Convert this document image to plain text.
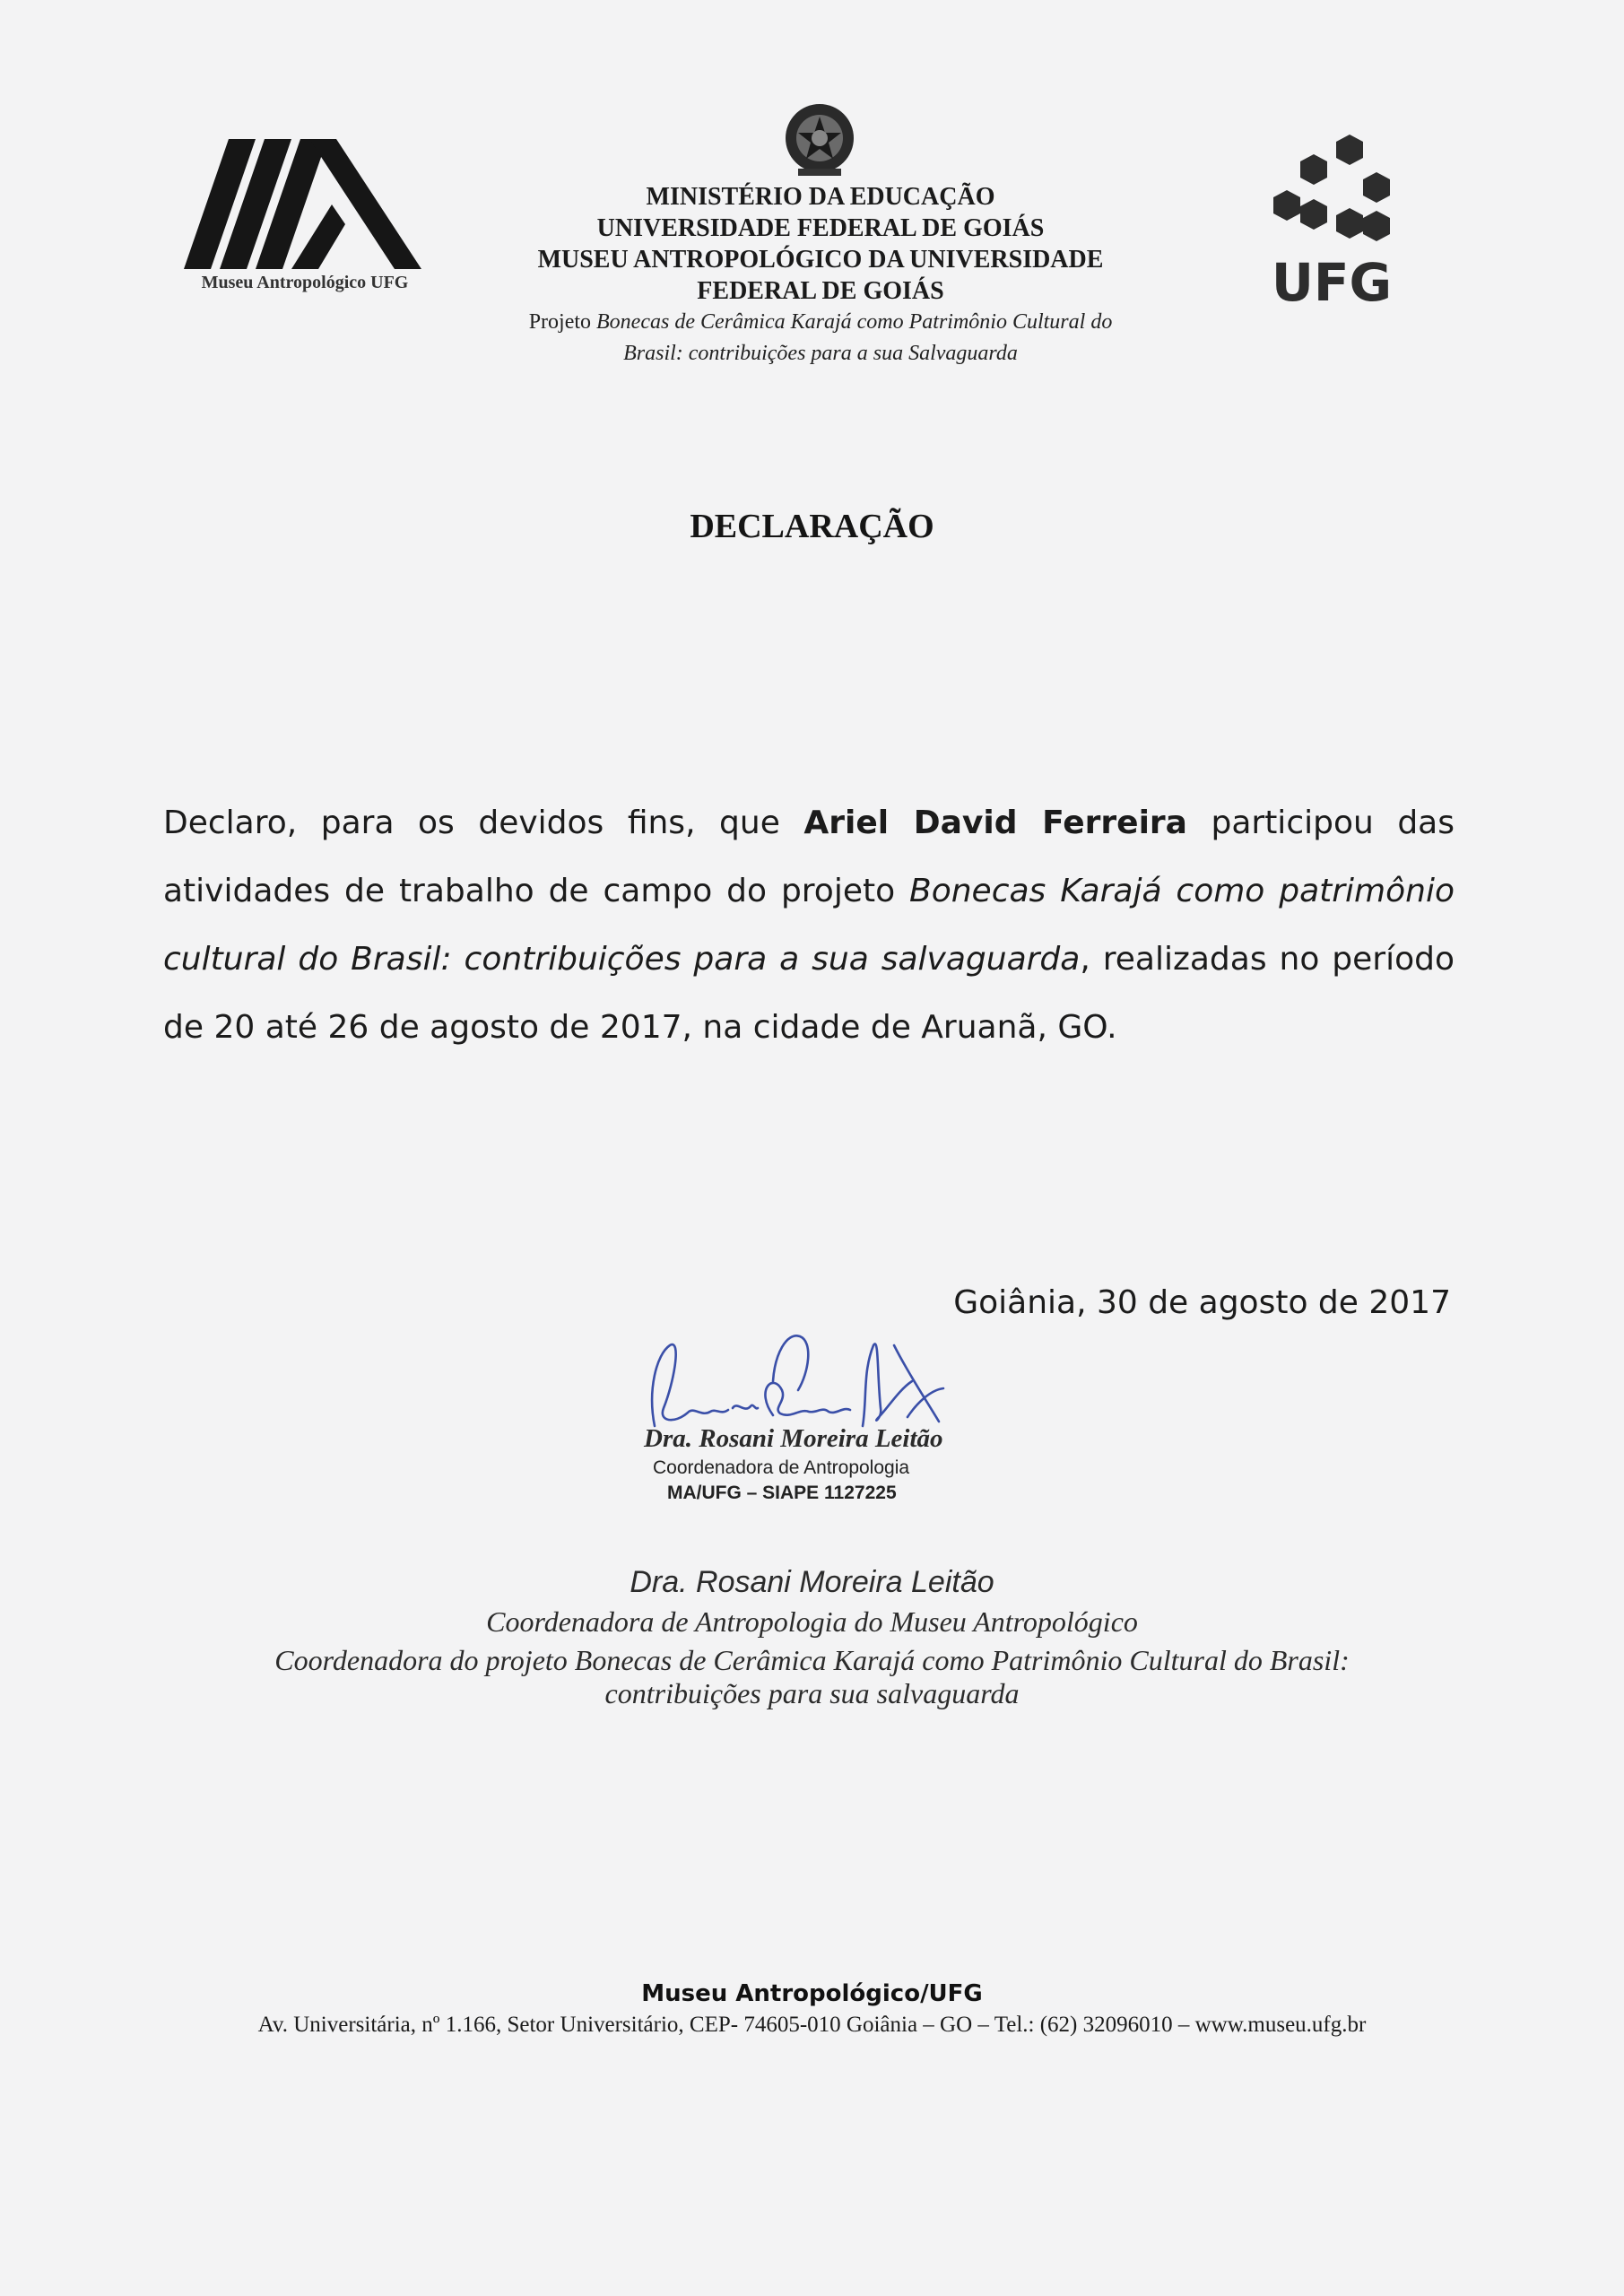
Museu Antropológico UFG
MINISTÉRIO DA EDUCAÇÃO
UNIVERSIDADE FEDERAL DE GOIÁS
MUSEU ANTROPOLÓGICO DA UNIVERSIDADE
FEDERAL DE GOIÁS
Projeto Bonecas de Cerâmica Karajá como Patrimônio Cultural do
Brasil: contribuições para a sua Salvaguarda
UFG
DECLARAÇÃO
Declaro, para os devidos fins, que Ariel David Ferreira participou das atividades de trabalho de campo do projeto Bonecas Karajá como patrimônio cultural do Brasil: contribuições para a sua salvaguarda, realizadas no período de 20 até 26 de agosto de 2017, na cidade de Aruanã, GO.
Goiânia, 30 de agosto de 2017
Dra. Rosani Moreira Leitão
Coordenadora de Antropologia
MA/UFG – SIAPE 1127225
Dra. Rosani Moreira Leitão
Coordenadora de Antropologia do Museu Antropológico
Coordenadora do projeto Bonecas de Cerâmica Karajá como Patrimônio Cultural do Brasil:
contribuições para sua salvaguarda
Museu Antropológico/UFG
Av. Universitária, nº 1.166, Setor Universitário, CEP- 74605-010 Goiânia – GO – Tel.: (62) 32096010 – www.museu.ufg.br
